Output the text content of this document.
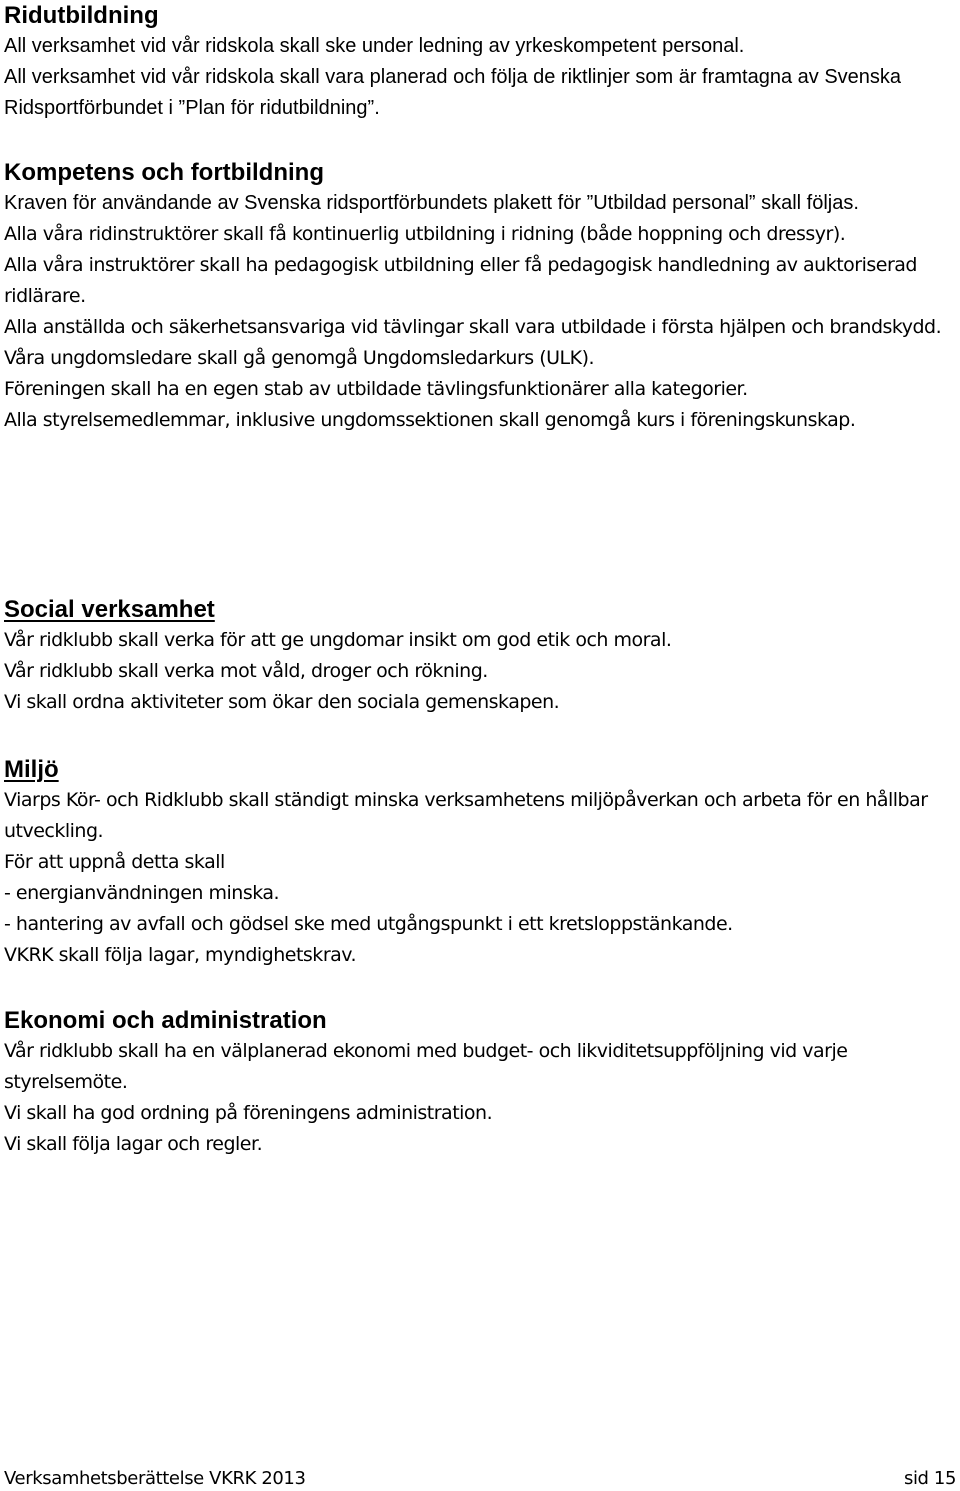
Ridutbildning

All verksamhet vid vår ridskola skall ske under ledning av yrkeskompetent personal.

All verksamhet vid vår ridskola skall vara planerad och följa de riktlinjer som är framtagna av Svenska Ridsportförbundet i ”Plan för ridutbildning”.

Kompetens och fortbildning

Kraven för användande av Svenska ridsportförbundets plakett för ”Utbildad personal” skall följas.

Alla våra ridinstruktörer skall få kontinuerlig utbildning i ridning (både hoppning och dressyr).

Alla våra instruktörer skall ha pedagogisk utbildning eller få pedagogisk handledning av auktoriserad ridlärare.

Alla anställda och säkerhetsansvariga vid tävlingar skall vara utbildade i första hjälpen och brandskydd.

Våra ungdomsledare skall gå genomgå Ungdomsledarkurs (ULK).

Föreningen skall ha en egen stab av utbildade tävlingsfunktionärer alla kategorier.

Alla styrelsemedlemmar, inklusive ungdomssektionen skall genomgå kurs i föreningskunskap.

Social verksamhet

Vår ridklubb skall verka för att ge ungdomar insikt om god etik och moral.

Vår ridklubb skall verka mot våld, droger och rökning.

Vi skall ordna aktiviteter som ökar den sociala gemenskapen.

Miljö

Viarps Kör- och Ridklubb skall ständigt minska verksamhetens miljöpåverkan och arbeta för en hållbar utveckling.

För att uppnå detta skall

- energianvändningen minska.

- hantering av avfall och gödsel ske med utgångspunkt i ett kretsloppstänkande.

VKRK skall följa lagar, myndighetskrav.

Ekonomi och administration

Vår ridklubb skall ha en välplanerad ekonomi med budget- och likviditetsuppföljning vid varje styrelsemöte.

Vi skall ha god ordning på föreningens administration.

Vi skall följa lagar och regler.

Verksamhetsberättelse VKRK 2013	sid 15
